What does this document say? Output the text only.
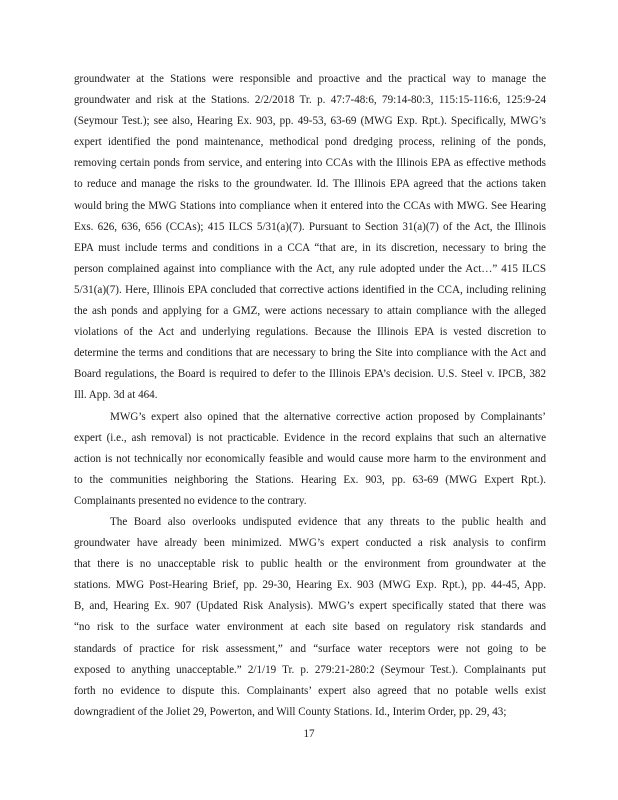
groundwater at the Stations were responsible and proactive and the practical way to manage the
groundwater and risk at the Stations. 2/2/2018 Tr. p. 47:7-48:6, 79:14-80:3, 115:15-116:6, 125:9-24
(Seymour Test.); see also, Hearing Ex. 903, pp. 49-53, 63-69 (MWG Exp. Rpt.). Specifically, MWG’s
expert identified the pond maintenance, methodical pond dredging process, relining of the ponds,
removing certain ponds from service, and entering into CCAs with the Illinois EPA as effective methods
to reduce and manage the risks to the groundwater. Id. The Illinois EPA agreed that the actions taken
would bring the MWG Stations into compliance when it entered into the CCAs with MWG. See Hearing
Exs. 626, 636, 656 (CCAs); 415 ILCS 5/31(a)(7). Pursuant to Section 31(a)(7) of the Act, the Illinois
EPA must include terms and conditions in a CCA “that are, in its discretion, necessary to bring the
person complained against into compliance with the Act, any rule adopted under the Act…” 415 ILCS
5/31(a)(7). Here, Illinois EPA concluded that corrective actions identified in the CCA, including relining
the ash ponds and applying for a GMZ, were actions necessary to attain compliance with the alleged
violations of the Act and underlying regulations. Because the Illinois EPA is vested discretion to
determine the terms and conditions that are necessary to bring the Site into compliance with the Act and
Board regulations, the Board is required to defer to the Illinois EPA’s decision. U.S. Steel v. IPCB, 382
Ill. App. 3d at 464.
MWG’s expert also opined that the alternative corrective action proposed by Complainants’
expert (i.e., ash removal) is not practicable. Evidence in the record explains that such an alternative
action is not technically nor economically feasible and would cause more harm to the environment and
to the communities neighboring the Stations. Hearing Ex. 903, pp. 63-69 (MWG Expert Rpt.).
Complainants presented no evidence to the contrary.
The Board also overlooks undisputed evidence that any threats to the public health and
groundwater have already been minimized. MWG’s expert conducted a risk analysis to confirm
that there is no unacceptable risk to public health or the environment from groundwater at the
stations. MWG Post-Hearing Brief, pp. 29-30, Hearing Ex. 903 (MWG Exp. Rpt.), pp. 44-45, App.
B, and, Hearing Ex. 907 (Updated Risk Analysis). MWG’s expert specifically stated that there was
“no risk to the surface water environment at each site based on regulatory risk standards and
standards of practice for risk assessment,” and “surface water receptors were not going to be
exposed to anything unacceptable.” 2/1/19 Tr. p. 279:21-280:2 (Seymour Test.). Complainants put
forth no evidence to dispute this. Complainants’ expert also agreed that no potable wells exist
downgradient of the Joliet 29, Powerton, and Will County Stations. Id., Interim Order, pp. 29, 43;
17
